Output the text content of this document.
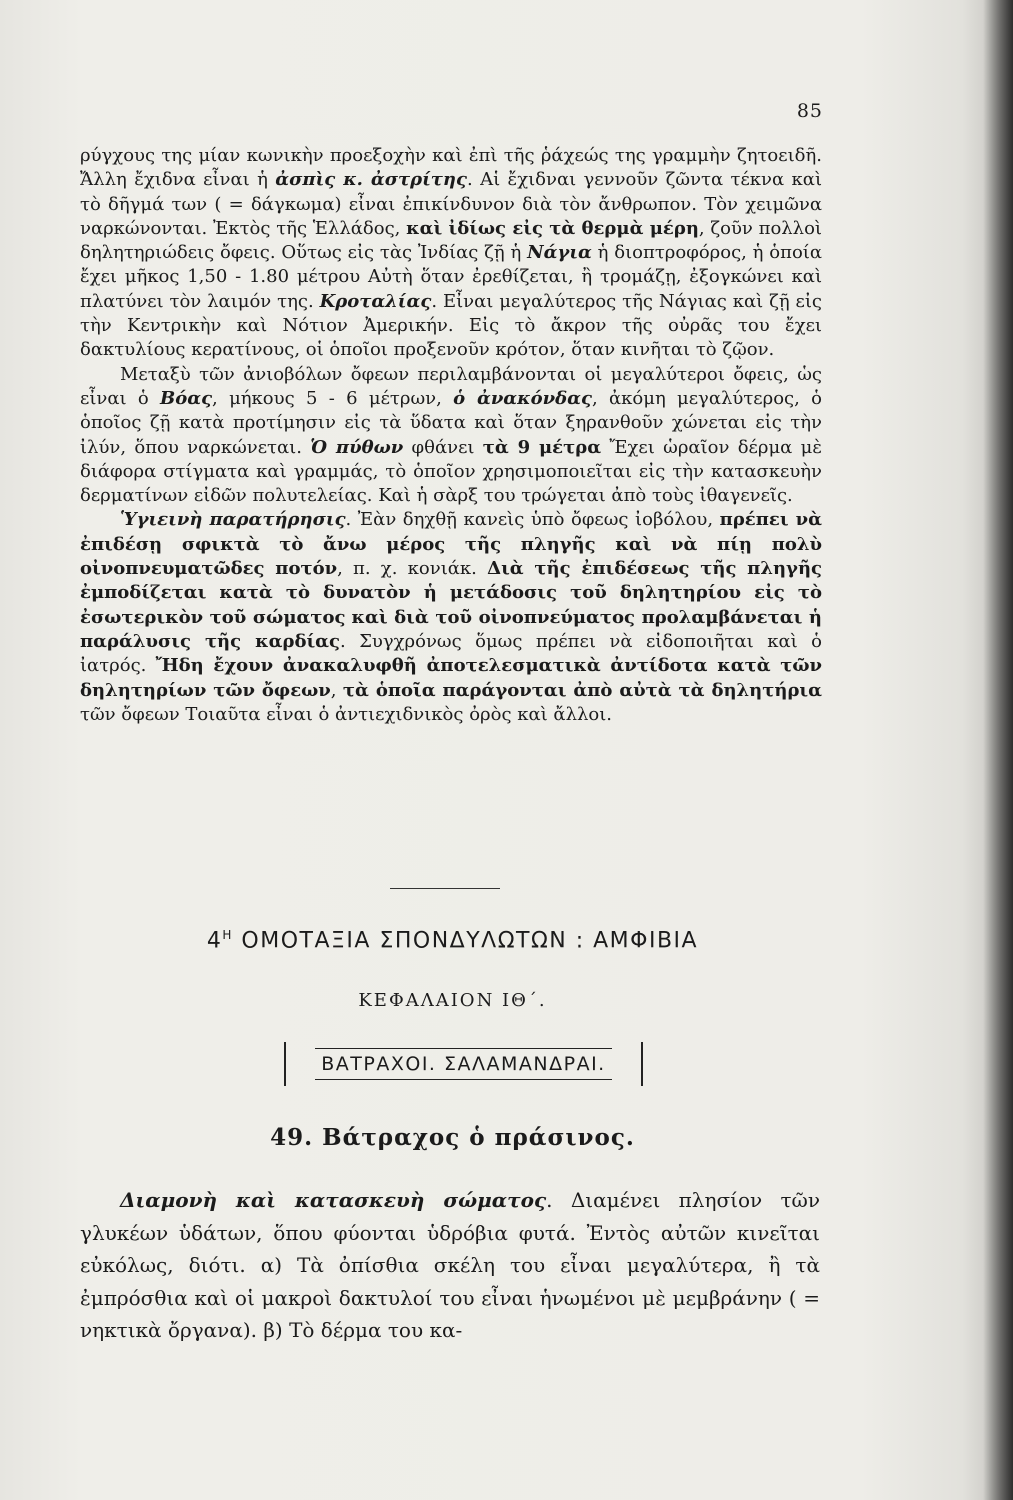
85

ρύγχους της μίαν κωνικὴν προεξοχὴν καὶ ἐπὶ τῆς ῥάχεώς της γραμμὴν ζητοειδῆ. Ἄλλη ἔχιδνα εἶναι ἡ ἀσπὶς κ. ἀστρίτης. Αἱ ἔχιδναι γεννοῦν ζῶντα τέκνα καὶ τὸ δῆγμά των ( = δάγκωμα) εἶναι ἐπικίνδυνον διὰ τὸν ἄνθρωπον. Τὸν χειμῶνα ναρκώνονται. Ἐκτὸς τῆς Ἑλλάδος, καὶ ἰδίως εἰς τὰ θερμὰ μέρη, ζοῦν πολλοὶ δηλητηριώδεις ὄφεις. Οὕτως εἰς τὰς Ἰνδίας ζῇ ἡ Νάγια ἡ διοπτροφόρος, ἡ ὁποία ἔχει μῆκος 1,50 - 1.80 μέτρου Αὐτὴ ὅταν ἐρεθίζεται, ἢ τρομάζῃ, ἐξογκώνει καὶ πλατύνει τὸν λαιμόν της. Κροταλίας. Εἶναι μεγαλύτερος τῆς Νάγιας καὶ ζῇ εἰς τὴν Κεντρικὴν καὶ Νότιον Ἀμερικήν. Εἰς τὸ ἄκρον τῆς οὐρᾶς του ἔχει δακτυλίους κερατίνους, οἱ ὁποῖοι προξενοῦν κρότον, ὅταν κινῆται τὸ ζῷον.

Μεταξὺ τῶν ἀνιοβόλων ὄφεων περιλαμβάνονται οἱ μεγαλύτεροι ὄφεις, ὡς εἶναι ὁ Βόας, μήκους 5 - 6 μέτρων, ὁ ἀνακόνδας, ἀκόμη μεγαλύτερος, ὁ ὁποῖος ζῇ κατὰ προτίμησιν εἰς τὰ ὕδατα καὶ ὅταν ξηρανθοῦν χώνεται εἰς τὴν ἰλύν, ὅπου ναρκώνεται. Ὁ πύθων φθάνει τὰ 9 μέτρα Ἔχει ὡραῖον δέρμα μὲ διάφορα στίγματα καὶ γραμμάς, τὸ ὁποῖον χρησιμοποιεῖται εἰς τὴν κατασκευὴν δερματίνων εἰδῶν πολυτελείας. Καὶ ἡ σὰρξ του τρώγεται ἀπὸ τοὺς ἰθαγενεῖς.

Ὑγιεινὴ παρατήρησις. Ἐὰν δηχθῇ κανεὶς ὑπὸ ὄφεως ἰοβόλου, πρέπει νὰ ἐπιδέσῃ σφικτὰ τὸ ἄνω μέρος τῆς πληγῆς καὶ νὰ πίῃ πολὺ οἰνοπνευματῶδες ποτόν, π. χ. κονιάκ. Διὰ τῆς ἐπιδέσεως τῆς πληγῆς ἐμποδίζεται κατὰ τὸ δυνατὸν ἡ μετάδοσις τοῦ δηλητηρίου εἰς τὸ ἐσωτερικὸν τοῦ σώματος καὶ διὰ τοῦ οἰνοπνεύματος προλαμβάνεται ἡ παράλυσις τῆς καρδίας. Συγχρόνως ὅμως πρέπει νὰ εἰδοποιῆται καὶ ὁ ἰατρός. Ἤδη ἔχουν ἀνακαλυφθῆ ἀποτελεσματικὰ ἀντίδοτα κατὰ τῶν δηλητηρίων τῶν ὄφεων, τὰ ὁποῖα παράγονται ἀπὸ αὐτὰ τὰ δηλητήρια τῶν ὄφεων Τοιαῦτα εἶναι ὁ ἀντιεχιδνικὸς ὀρὸς καὶ ἄλλοι.

$4^H$ ΟΜΟΤΑΞΙΑ ΣΠΟΝΔΥΛΩΤΩΝ : ΑΜΦΙΒΙΑ
ΚΕΦΑΛΑΙΟΝ ΙΘ΄.
ΒΑΤΡΑΧΟΙ. ΣΑΛΑΜΑΝΔΡΑΙ.
49. Βάτραχος ὁ πράσινος.

Διαμονὴ καὶ κατασκευὴ σώματος. Διαμένει πλησίον τῶν γλυκέων ὑδάτων, ὅπου φύονται ὑδρόβια φυτά. Ἐντὸς αὐτῶν κινεῖται εὐκόλως, διότι. α) Τὰ ὀπίσθια σκέλη του εἶναι μεγαλύτερα, ἢ τὰ ἐμπρόσθια καὶ οἱ μακροὶ δακτυλοί του εἶναι ἡνωμένοι μὲ μεμβράνην ( = νηκτικὰ ὄργανα). β) Τὸ δέρμα του κα-
